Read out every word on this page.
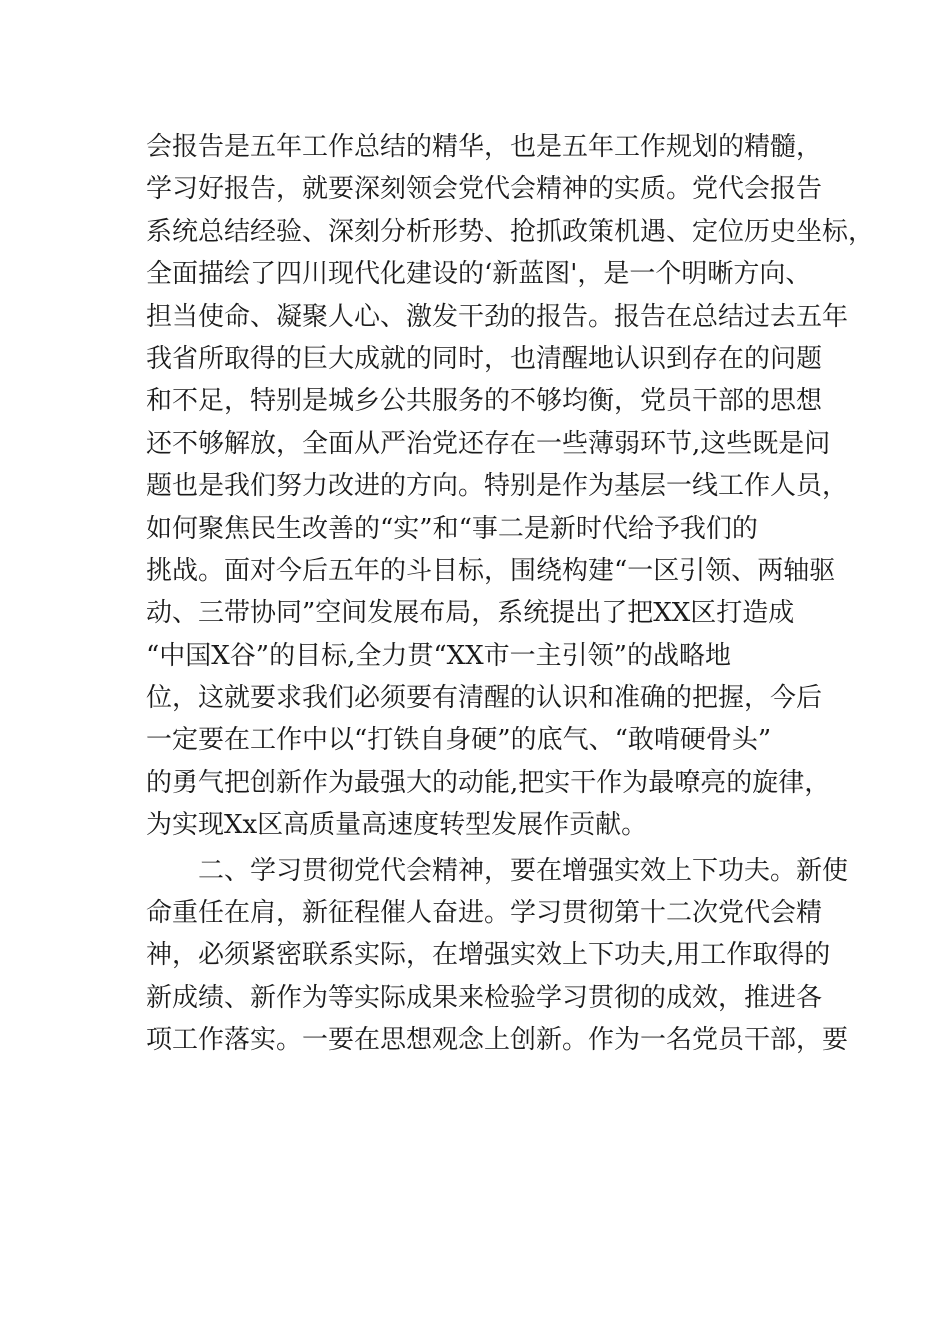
会报告是五年工作总结的精华，也是五年工作规划的精髓，
学习好报告，就要深刻领会党代会精神的实质。党代会报告
系统总结经验、深刻分析形势、抢抓政策机遇、定位历史坐标，
全面描绘了四川现代化建设的‘新蓝图'，是一个明晰方向、
担当使命、凝聚人心、激发干劲的报告。报告在总结过去五年
我省所取得的巨大成就的同时，也清醒地认识到存在的问题
和不足，特别是城乡公共服务的不够均衡，党员干部的思想
还不够解放，全面从严治党还存在一些薄弱环节,这些既是问
题也是我们努力改进的方向。特别是作为基层一线工作人员，
如何聚焦民生改善的“实”和“事二是新时代给予我们的
挑战。面对今后五年的斗目标，围绕构建“一区引领、两轴驱
动、三带协同”空间发展布局，系统提出了把XX区打造成
“中国X谷”的目标,全力贯“XX市一主引领”的战略地
位，这就要求我们必须要有清醒的认识和准确的把握，今后
一定要在工作中以“打铁自身硬”的底气、“敢啃硬骨头”
的勇气把创新作为最强大的动能,把实干作为最嘹亮的旋律，
为实现Xx区高质量高速度转型发展作贡献。
二、学习贯彻党代会精神，要在增强实效上下功夫。新使
命重任在肩，新征程催人奋进。学习贯彻第十二次党代会精
神，必须紧密联系实际，在增强实效上下功夫,用工作取得的
新成绩、新作为等实际成果来检验学习贯彻的成效，推进各
项工作落实。一要在思想观念上创新。作为一名党员干部，要
